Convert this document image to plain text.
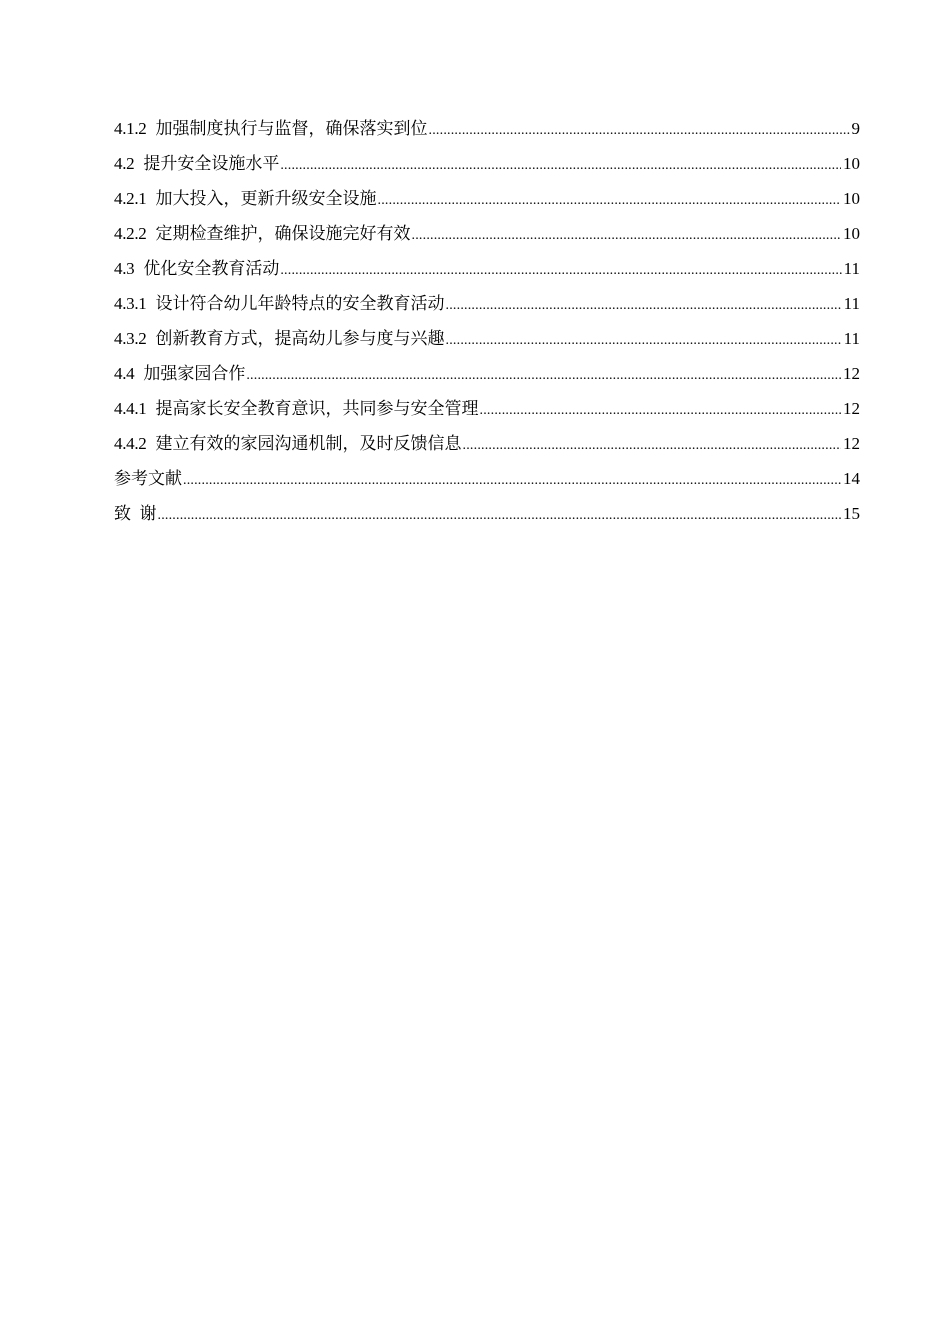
4.1.2 加强制度执行与监督，确保落实到位 .....	9
4.2 提升安全设施水平 .....	10
4.2.1 加大投入，更新升级安全设施 .....	10
4.2.2 定期检查维护，确保设施完好有效 .....	10
4.3 优化安全教育活动 .....	11
4.3.1 设计符合幼儿年龄特点的安全教育活动 .....	11
4.3.2 创新教育方式，提高幼儿参与度与兴趣 .....	11
4.4 加强家园合作 .....	12
4.4.1 提高家长安全教育意识，共同参与安全管理 .....	12
4.4.2 建立有效的家园沟通机制，及时反馈信息 .....	12
参考文献 .....	14
致  谢 .....	15
